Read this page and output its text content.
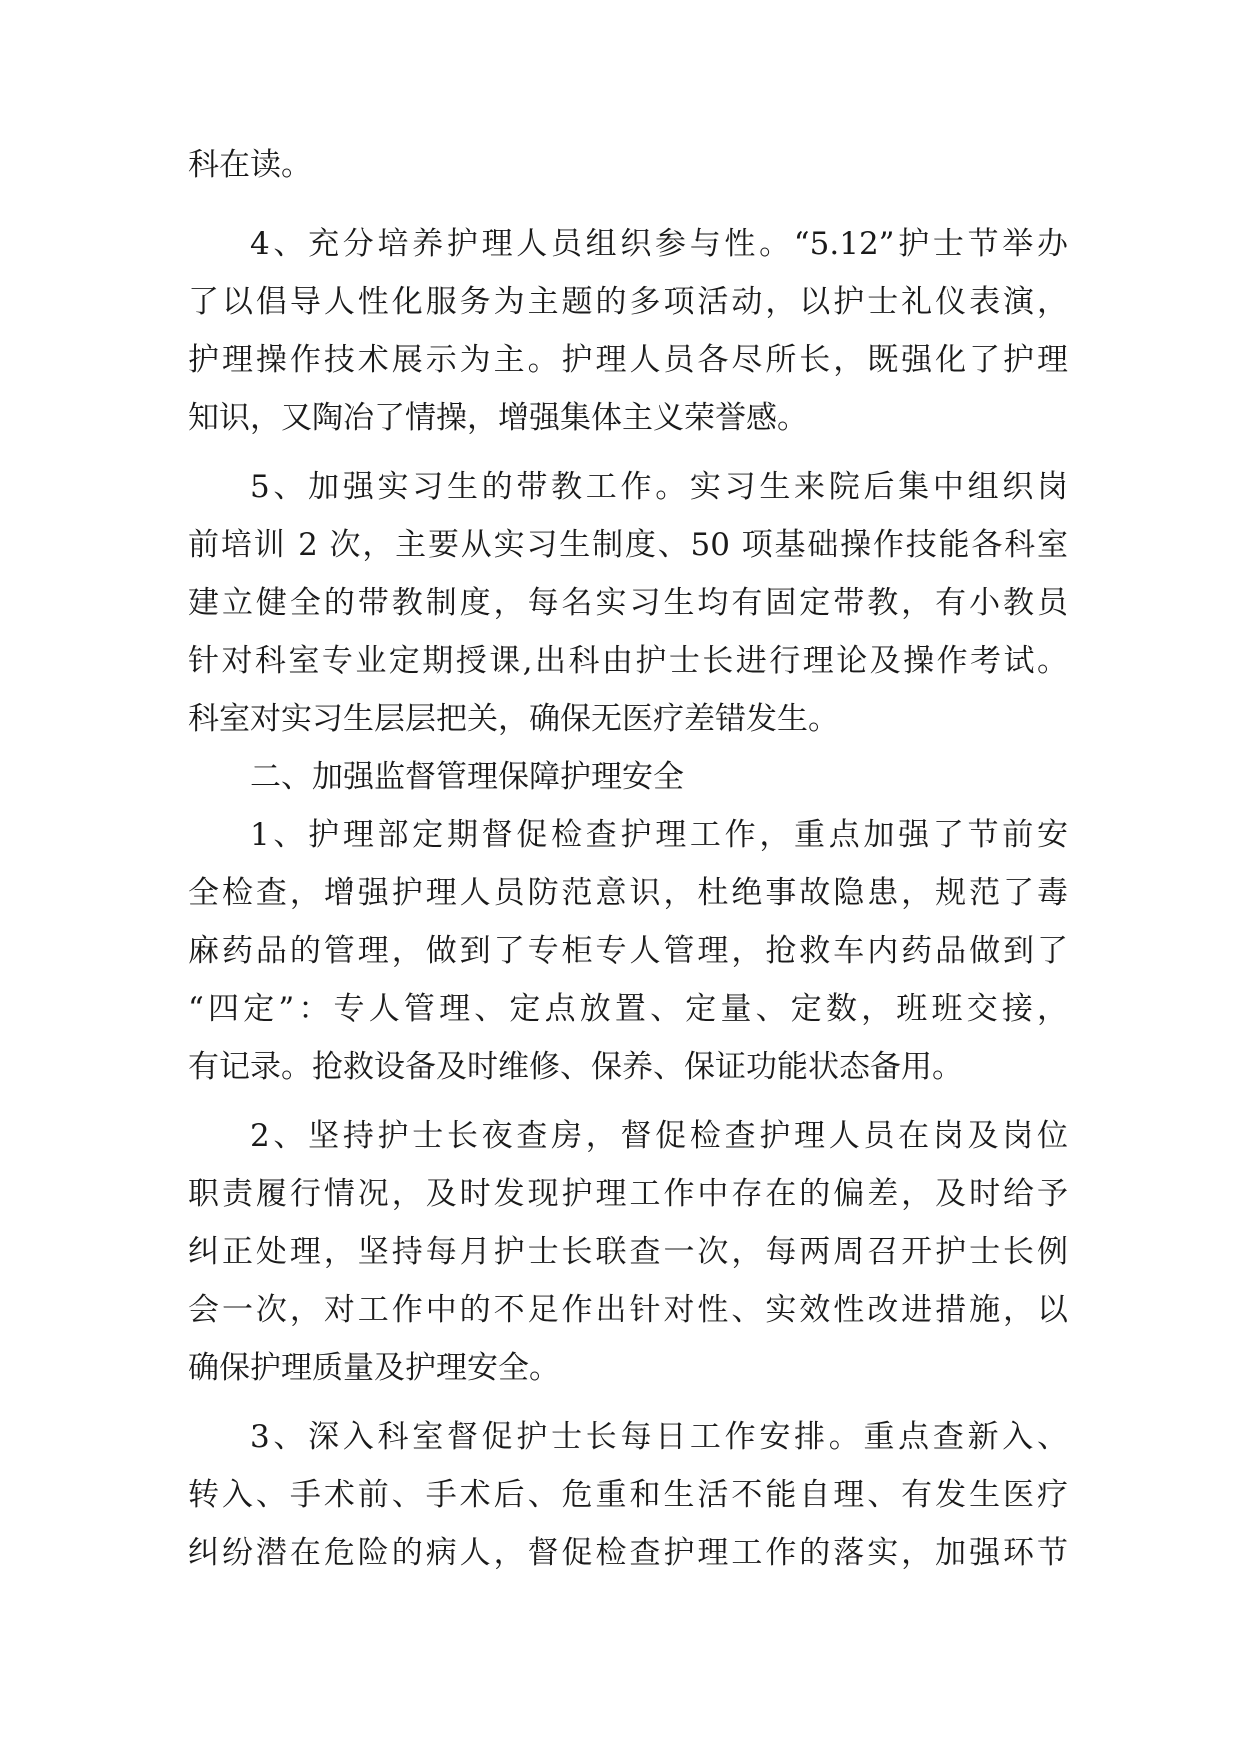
科在读。
4、充分培养护理人员组织参与性。“5.12”护士节举办
了以倡导人性化服务为主题的多项活动，以护士礼仪表演，
护理操作技术展示为主。护理人员各尽所长，既强化了护理
知识，又陶冶了情操，增强集体主义荣誉感。
5、加强实习生的带教工作。实习生来院后集中组织岗
前培训 2 次，主要从实习生制度、50 项基础操作技能各科室
建立健全的带教制度，每名实习生均有固定带教，有小教员
针对科室专业定期授课,出科由护士长进行理论及操作考试。
科室对实习生层层把关，确保无医疗差错发生。
二、加强监督管理保障护理安全
1、护理部定期督促检查护理工作，重点加强了节前安
全检查，增强护理人员防范意识，杜绝事故隐患，规范了毒
麻药品的管理，做到了专柜专人管理，抢救车内药品做到了
“四定”：专人管理、定点放置、定量、定数，班班交接，
有记录。抢救设备及时维修、保养、保证功能状态备用。
2、坚持护士长夜查房，督促检查护理人员在岗及岗位
职责履行情况，及时发现护理工作中存在的偏差，及时给予
纠正处理，坚持每月护士长联查一次，每两周召开护士长例
会一次，对工作中的不足作出针对性、实效性改进措施，以
确保护理质量及护理安全。
3、深入科室督促护士长每日工作安排。重点查新入、
转入、手术前、手术后、危重和生活不能自理、有发生医疗
纠纷潜在危险的病人，督促检查护理工作的落实，加强环节
